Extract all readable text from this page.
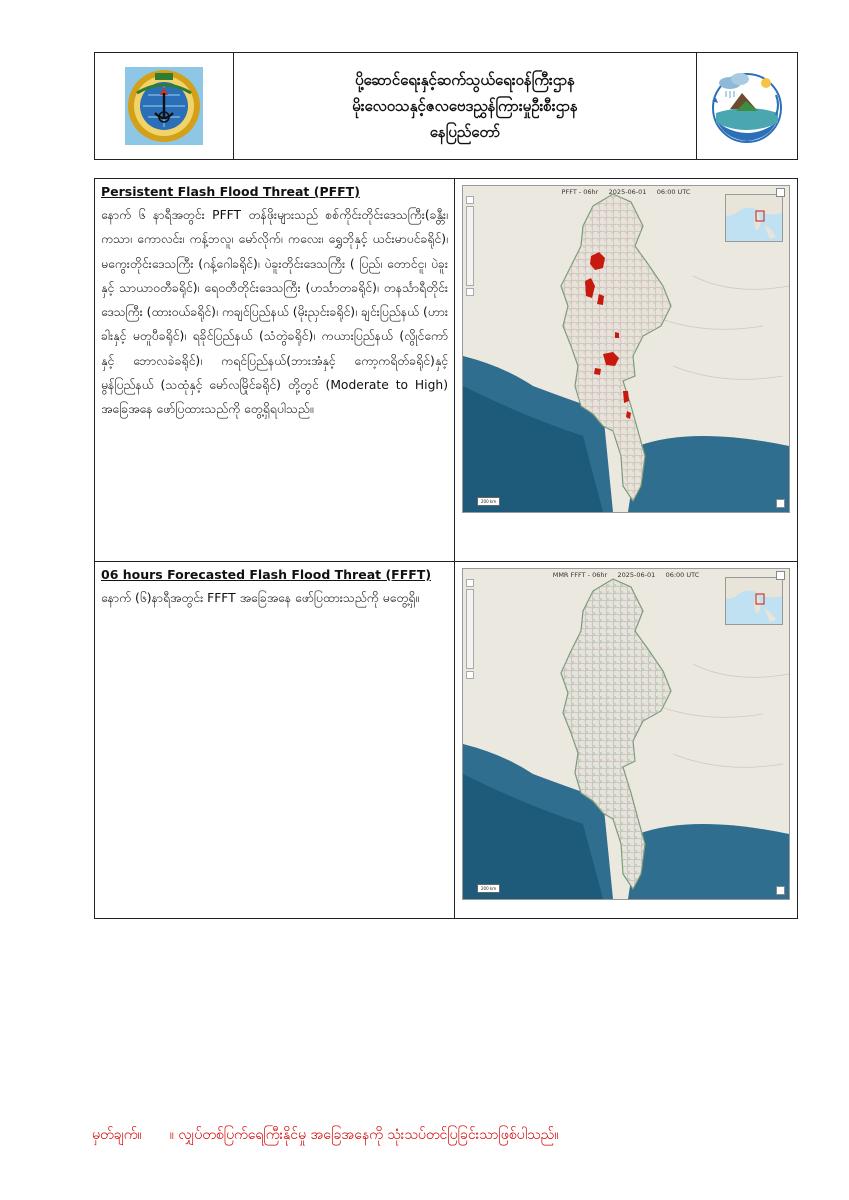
ပို့ဆောင်ရေးနှင့်ဆက်သွယ်ရေးဝန်ကြီးဌာန
မိုးလေဝသနှင့်ဇလဗေဒညွှန်ကြားမှုဦးစီးဌာန
နေပြည်တော်

Persistent Flash Flood Threat (PFFT)

နောက် ၆ နာရီအတွင်း PFFT တန်ဖိုးများသည် စစ်ကိုင်းတိုင်းဒေသကြီး(ခန္တီး၊ ကသာ၊ ကောလင်း၊ ကန့်ဘလူ၊ မော်လိုက်၊ ကလေး၊ ရွှေဘိုနှင့် ယင်းမာပင်ခရိုင်)၊ မကွေးတိုင်းဒေသကြီး (ဂန့်ဂေါခရိုင်)၊ ပဲခူးတိုင်းဒေသကြီး ( ပြည်၊ တောင်ငူ၊ ပဲခူးနှင့် သာယာဝတီခရိုင်)၊ ရေ၀တီတိုင်းဒေသကြီး (ဟင်္သာတခရိုင်)၊ တနင်္သာရီတိုင်းဒေသကြီး (ထားဝယ်ခရိုင်)၊ ကချင်ပြည်နယ် (မိုးညှင်းခရိုင်)၊ ချင်းပြည်နယ် (ဟားခါးနှင့် မတူပီခရိုင်)၊ ရခိုင်ပြည်နယ် (သံတွဲခရိုင်)၊ ကယားပြည်နယ် (လွိုင်ကော်နှင့် ဘောလခဲခရိုင်)၊ ကရင်ပြည်နယ်(ဘားအံနှင့် ကော့ကရိတ်ခရိုင်)နှင့် မွန်ပြည်နယ် (သထုံနှင့် မော်လမြိုင်ခရိုင်) တို့တွင် (Moderate to High) အခြေအနေ ဖော်ပြထားသည်ကို တွေ့ရှိရပါသည်။

PFFT - 06hr     2025-06-01     06:00 UTC
200 km

06 hours Forecasted Flash Flood Threat (FFFT)

နောက် (၆)နာရီအတွင်း FFFT အခြေအနေ ဖော်ပြထားသည်ကို မတွေ့ရှိ။

MMR FFFT - 06hr     2025-06-01     06:00 UTC
200 km
မှတ်ချက်။ ။ လျှပ်တစ်ပြက်ရေကြီးနိုင်မှု အခြေအနေကို သုံးသပ်တင်ပြခြင်းသာဖြစ်ပါသည်။
